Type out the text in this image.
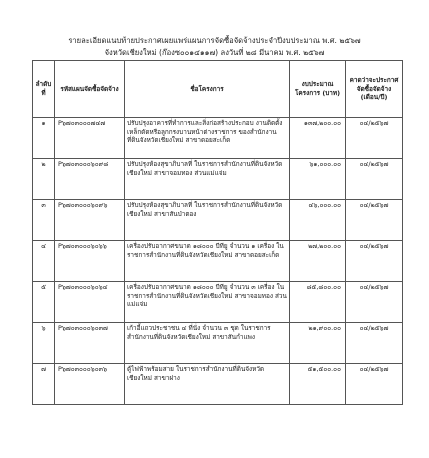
รายละเอียดแนบท้ายประกาศเผยแพร่แผนการจัดซื้อจัดจ้างประจำปีงบประมาณ พ.ศ. ๒๕๖๗
จังหวัดเชียงใหม่ (ก๊องซ๐๐๑๔๑๑๗) ลงวันที่ ๒๘ มีนาคม พ.ศ. ๒๕๖๗
ลำดับที่	รหัสแผนจัดซื้อจัดจ้าง	ชื่อโครงการ	งบประมาณโครงการ (บาท)	คาดว่าจะประกาศจัดซื้อจัดจ้าง (เดือน/ปี)
๑	P๖๗๐๓๐๐๐๗๔๗	ปรับปรุงอาคารที่ทำการและสิ่งก่อสร้างประกอบ งานติดตั้งเหล็กดัดหรือลูกกรงบานหน้าต่างราชการ ของสำนักงานที่ดินจังหวัดเชียงใหม่ สาขาดอยสะเก็ด	๑๓๗,๒๐๐.๐๐	๐๔/๒๕๖๗
๒	P๖๗๐๓๐๐๐๖๐๙๘	ปรับปรุงห้องสุขาภิบาลที่ ในราชการสำนักงานที่ดินจังหวัดเชียงใหม่ สาขาจอมทอง ส่วนแม่แจ่ม	๖๑,๐๐๐.๐๐	๐๔/๒๕๖๗
๓	P๖๗๐๓๐๐๐๖๐๙๖	ปรับปรุงห้องสุขาภิบาลที่ ในราชการสำนักงานที่ดินจังหวัดเชียงใหม่ สาขาสันป่าตอง	๔๖,๐๐๐.๐๐	๐๔/๒๕๖๗
๔	P๖๗๐๓๐๐๐๖๐๖๖	เครื่องปรับอากาศขนาด ๑๘๐๐๐ บีทียู จำนวน ๑ เครื่อง ในราชการสำนักงานที่ดินจังหวัดเชียงใหม่ สาขาดอยสะเก็ด	๒๗,๒๐๐.๐๐	๐๔/๒๕๖๗
๕	P๖๗๐๓๐๐๐๖๐๖๔	เครื่องปรับอากาศขนาด ๑๘๐๐๐ บีทียู จำนวน ๓ เครื่อง ในราชการสำนักงานที่ดินจังหวัดเชียงใหม่ สาขาจอมทอง ส่วนแม่แจ่ม	๘๕,๘๐๐.๐๐	๐๔/๒๕๖๗
๖	P๖๗๐๓๐๐๐๖๐๓๗	เก้าอี้แถวประชาชน ๔ ที่นั่ง จำนวน ๓ ชุด ในราชการสำนักงานที่ดินจังหวัดเชียงใหม่ สาขาสันกำแพง	๒๑,๙๐๐.๐๐	๐๔/๒๕๖๗
๗	P๖๗๐๓๐๐๐๖๐๓๖	ตู้ไฟฟ้าพร้อมสาย ในราชการสำนักงานที่ดินจังหวัดเชียงใหม่ สาขาฝาง	๕๑,๕๐๐.๐๐	๐๔/๒๕๖๗
